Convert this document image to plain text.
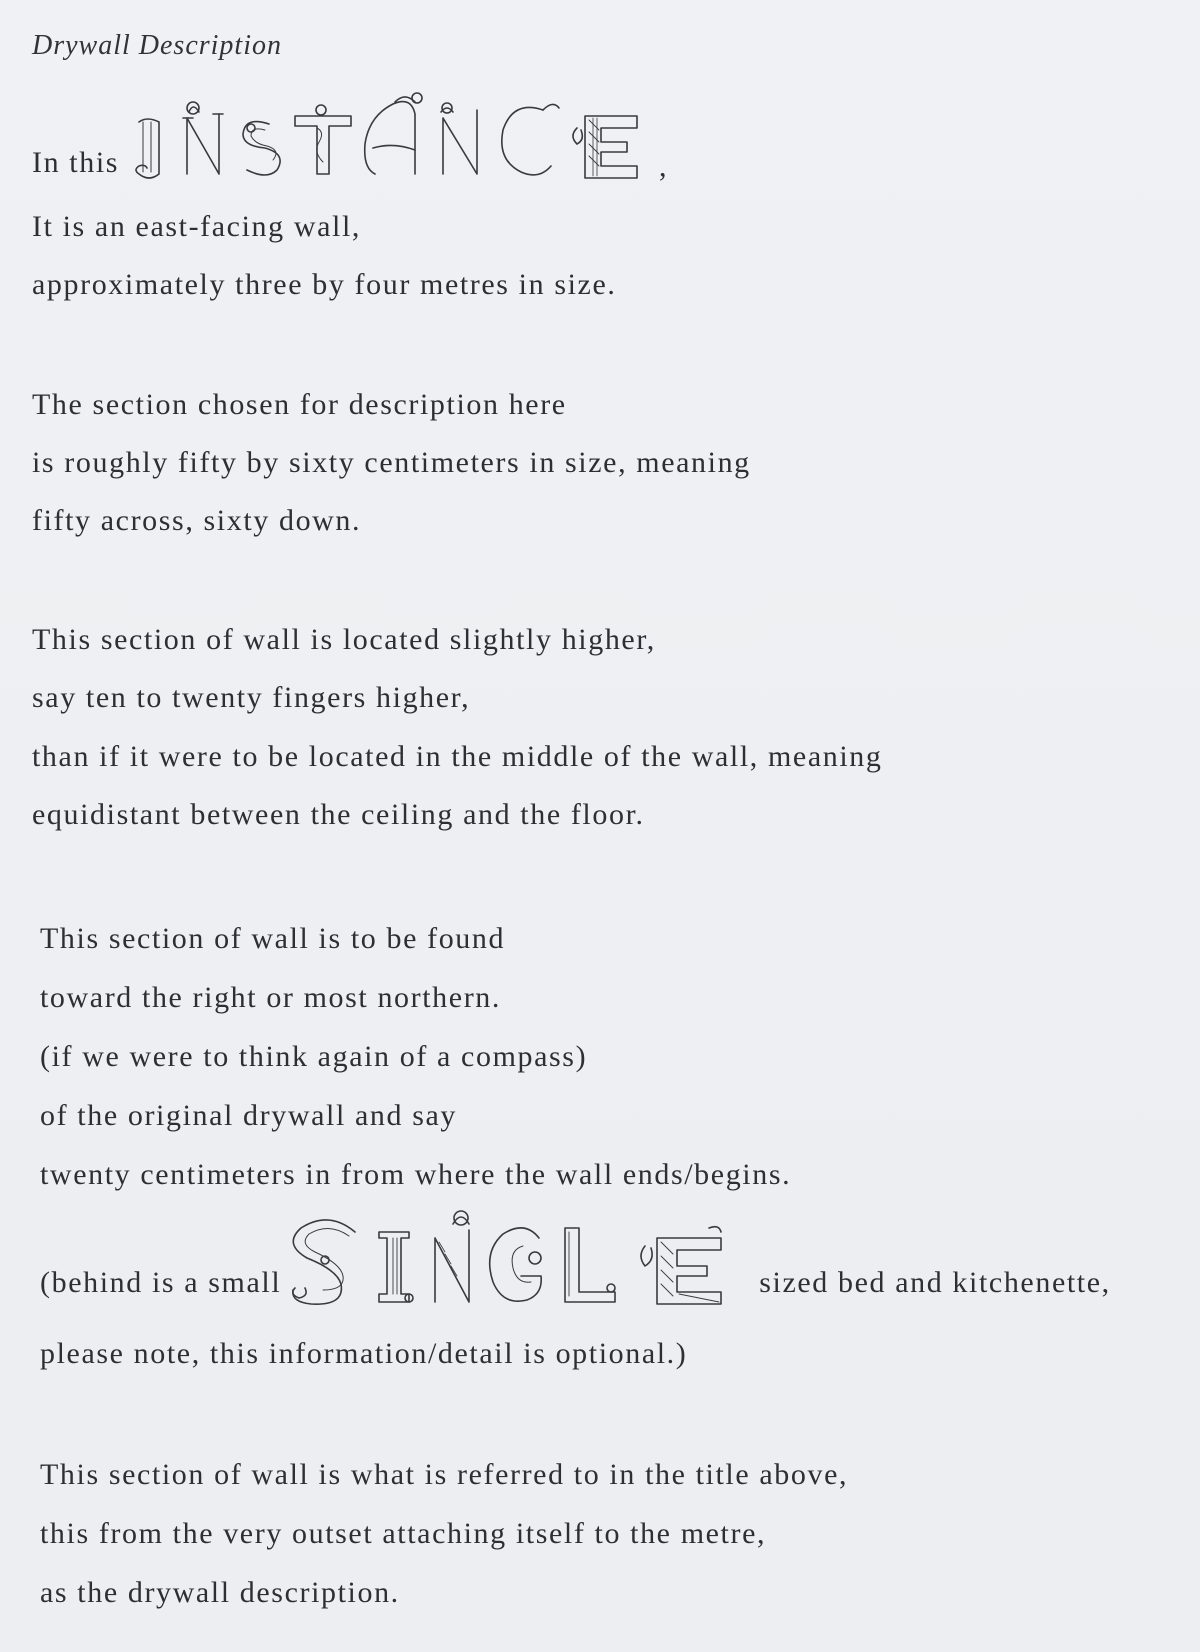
Drywall Description
In this	,
It is an east-facing wall,
approximately three by four metres in size.
The section chosen for description here
is roughly fifty by sixty centimeters in size, meaning
fifty across, sixty down.
This section of wall is located slightly higher,
say ten to twenty fingers higher,
than if it were to be located in the middle of the wall, meaning
equidistant between the ceiling and the floor.
This section of wall is to be found
toward the right or most northern.
(if we were to think again of a compass)
of the original drywall and say
twenty centimeters in from where the wall ends/begins.
(behind is a small	sized bed and kitchenette,
please note, this information/detail is optional.)
This section of wall is what is referred to in the title above,
this from the very outset attaching itself to the metre,
as the drywall description.
